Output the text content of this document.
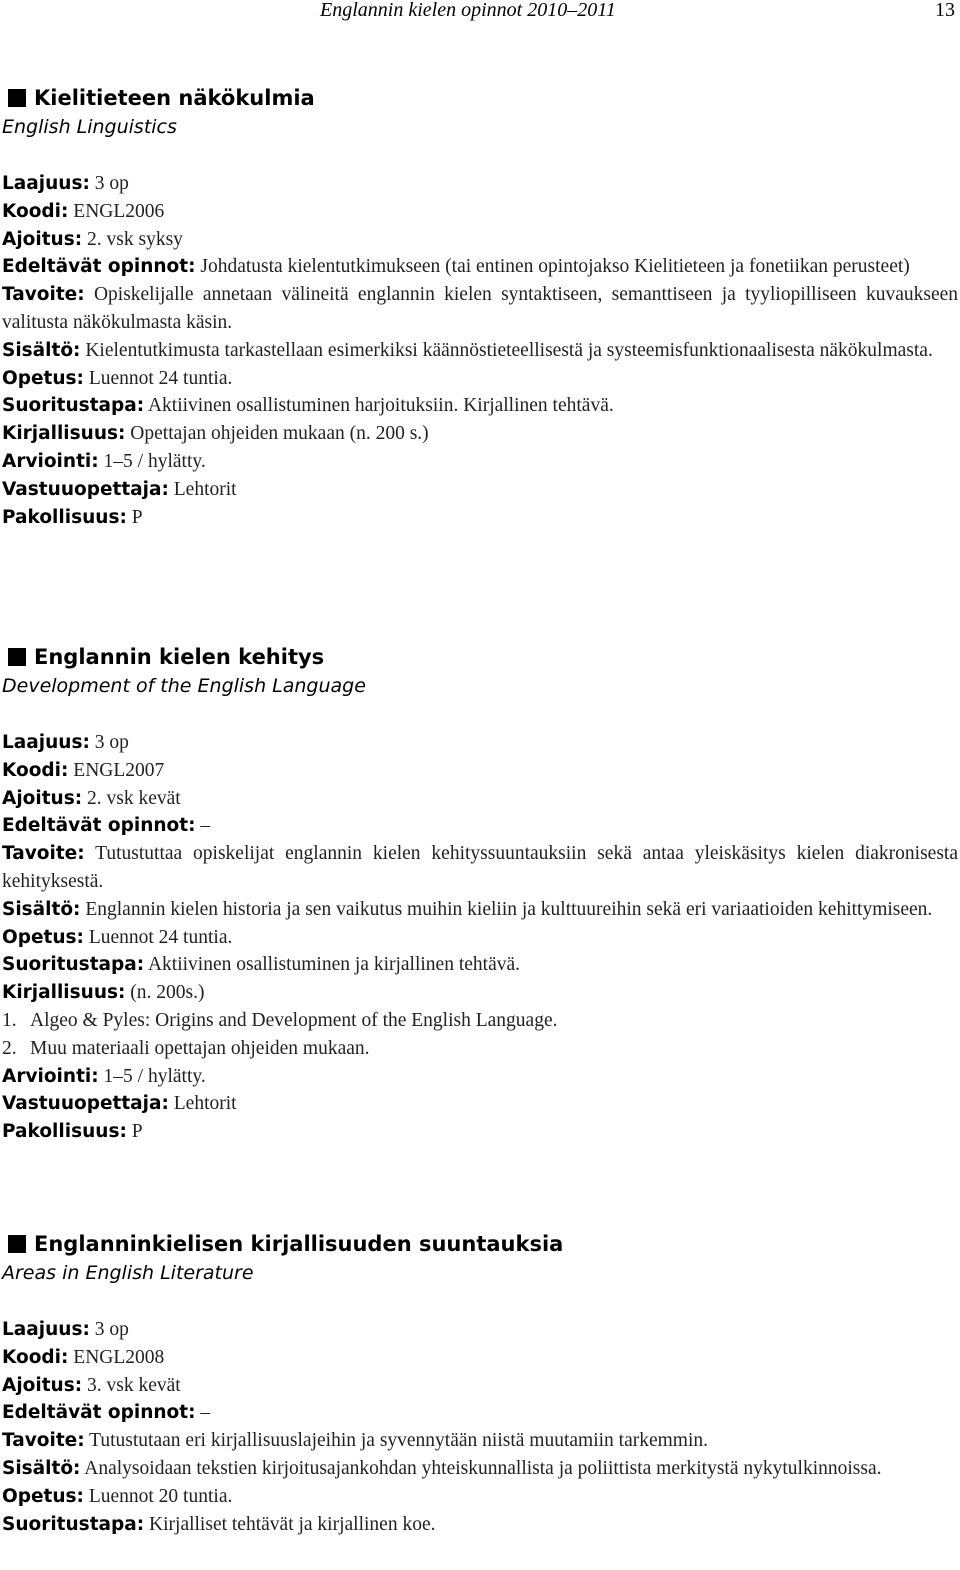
Englannin kielen opinnot 2010–2011	13
Kielitieteen näkökulmia
English Linguistics
Laajuus: 3 op
Koodi: ENGL2006
Ajoitus: 2. vsk syksy
Edeltävät opinnot: Johdatusta kielentutkimukseen (tai entinen opintojakso Kielitieteen ja fonetiikan perusteet)
Tavoite: Opiskelijalle annetaan välineitä englannin kielen syntaktiseen, semanttiseen ja tyyliopilliseen kuvaukseen valitusta näkökulmasta käsin.
Sisältö: Kielentutkimusta tarkastellaan esimerkiksi käännöstieteellisestä ja systeemisfunktionaalisesta näkökulmasta.
Opetus: Luennot 24 tuntia.
Suoritustapa: Aktiivinen osallistuminen harjoituksiin. Kirjallinen tehtävä.
Kirjallisuus: Opettajan ohjeiden mukaan (n. 200 s.)
Arviointi: 1–5 / hylätty.
Vastuuopettaja: Lehtorit
Pakollisuus: P
Englannin kielen kehitys
Development of the English Language
Laajuus: 3 op
Koodi: ENGL2007
Ajoitus: 2. vsk kevät
Edeltävät opinnot: –
Tavoite: Tutustuttaa opiskelijat englannin kielen kehityssuuntauksiin sekä antaa yleiskäsitys kielen diakronisesta kehityksestä.
Sisältö: Englannin kielen historia ja sen vaikutus muihin kieliin ja kulttuureihin sekä eri variaatioiden kehittymiseen.
Opetus: Luennot 24 tuntia.
Suoritustapa: Aktiivinen osallistuminen ja kirjallinen tehtävä.
Kirjallisuus: (n. 200s.)
1. Algeo & Pyles: Origins and Development of the English Language.
2. Muu materiaali opettajan ohjeiden mukaan.
Arviointi: 1–5 / hylätty.
Vastuuopettaja: Lehtorit
Pakollisuus: P
Englanninkielisen kirjallisuuden suuntauksia
Areas in English Literature
Laajuus: 3 op
Koodi: ENGL2008
Ajoitus: 3. vsk kevät
Edeltävät opinnot: –
Tavoite: Tutustutaan eri kirjallisuuslajeihin ja syvennytään niistä muutamiin tarkemmin.
Sisältö: Analysoidaan tekstien kirjoitusajankohdan yhteiskunnallista ja poliittista merkitystä nykytulkinnoissa.
Opetus: Luennot 20 tuntia.
Suoritustapa: Kirjalliset tehtävät ja kirjallinen koe.
